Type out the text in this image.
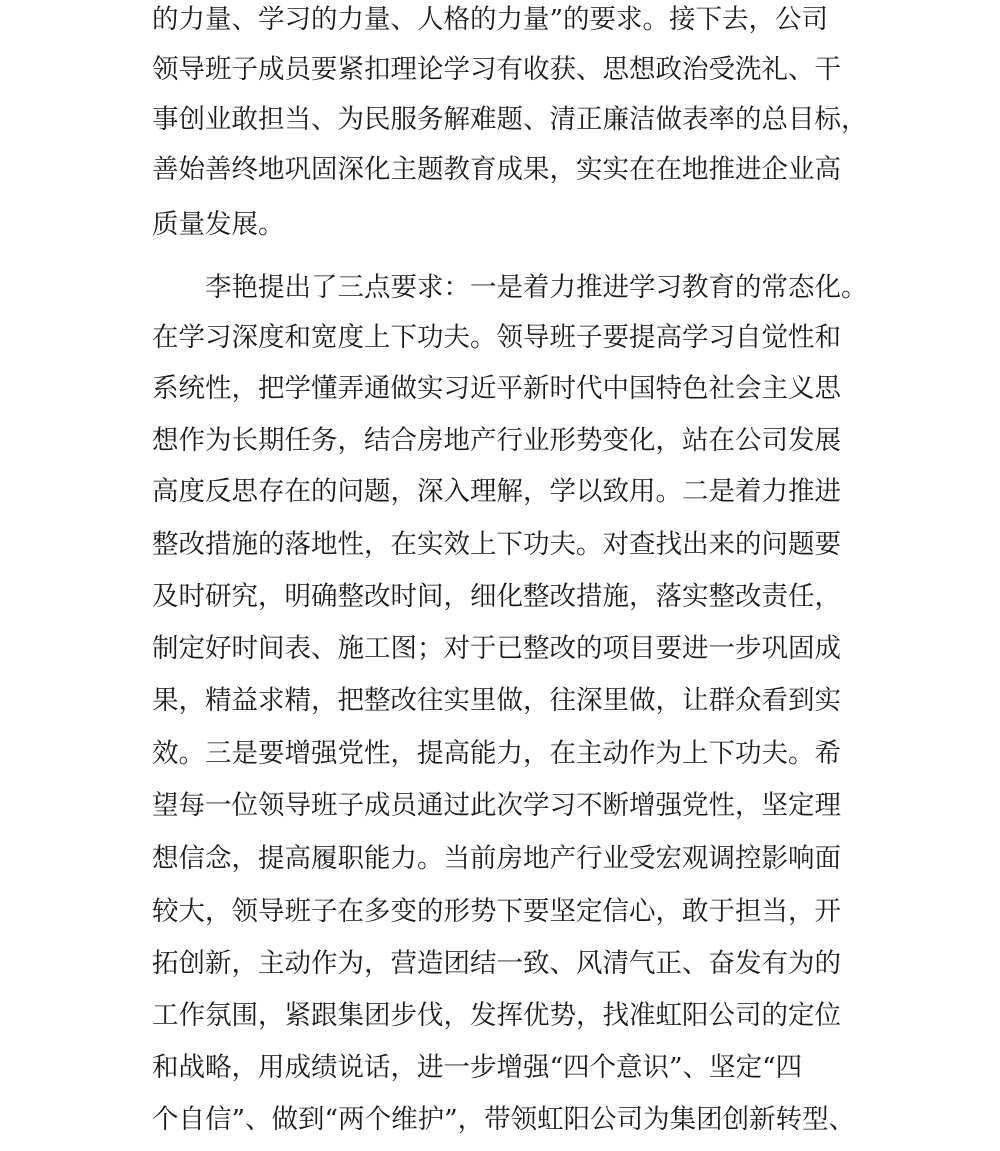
的力量、学习的力量、人格的力量”的要求。接下去，公司
领导班子成员要紧扣理论学习有收获、思想政治受洗礼、干
事创业敢担当、为民服务解难题、清正廉洁做表率的总目标，
善始善终地巩固深化主题教育成果，实实在在地推进企业高
质量发展。
李艳提出了三点要求：一是着力推进学习教育的常态化。
在学习深度和宽度上下功夫。领导班子要提高学习自觉性和
系统性，把学懂弄通做实习近平新时代中国特色社会主义思
想作为长期任务，结合房地产行业形势变化，站在公司发展
高度反思存在的问题，深入理解，学以致用。二是着力推进
整改措施的落地性，在实效上下功夫。对查找出来的问题要
及时研究，明确整改时间，细化整改措施，落实整改责任，
制定好时间表、施工图；对于已整改的项目要进一步巩固成
果，精益求精，把整改往实里做，往深里做，让群众看到实
效。三是要增强党性，提高能力，在主动作为上下功夫。希
望每一位领导班子成员通过此次学习不断增强党性，坚定理
想信念，提高履职能力。当前房地产行业受宏观调控影响面
较大，领导班子在多变的形势下要坚定信心，敢于担当，开
拓创新，主动作为，营造团结一致、风清气正、奋发有为的
工作氛围，紧跟集团步伐，发挥优势，找准虹阳公司的定位
和战略，用成绩说话，进一步增强“四个意识”、坚定“四
个自信”、做到“两个维护”，带领虹阳公司为集团创新转型、
